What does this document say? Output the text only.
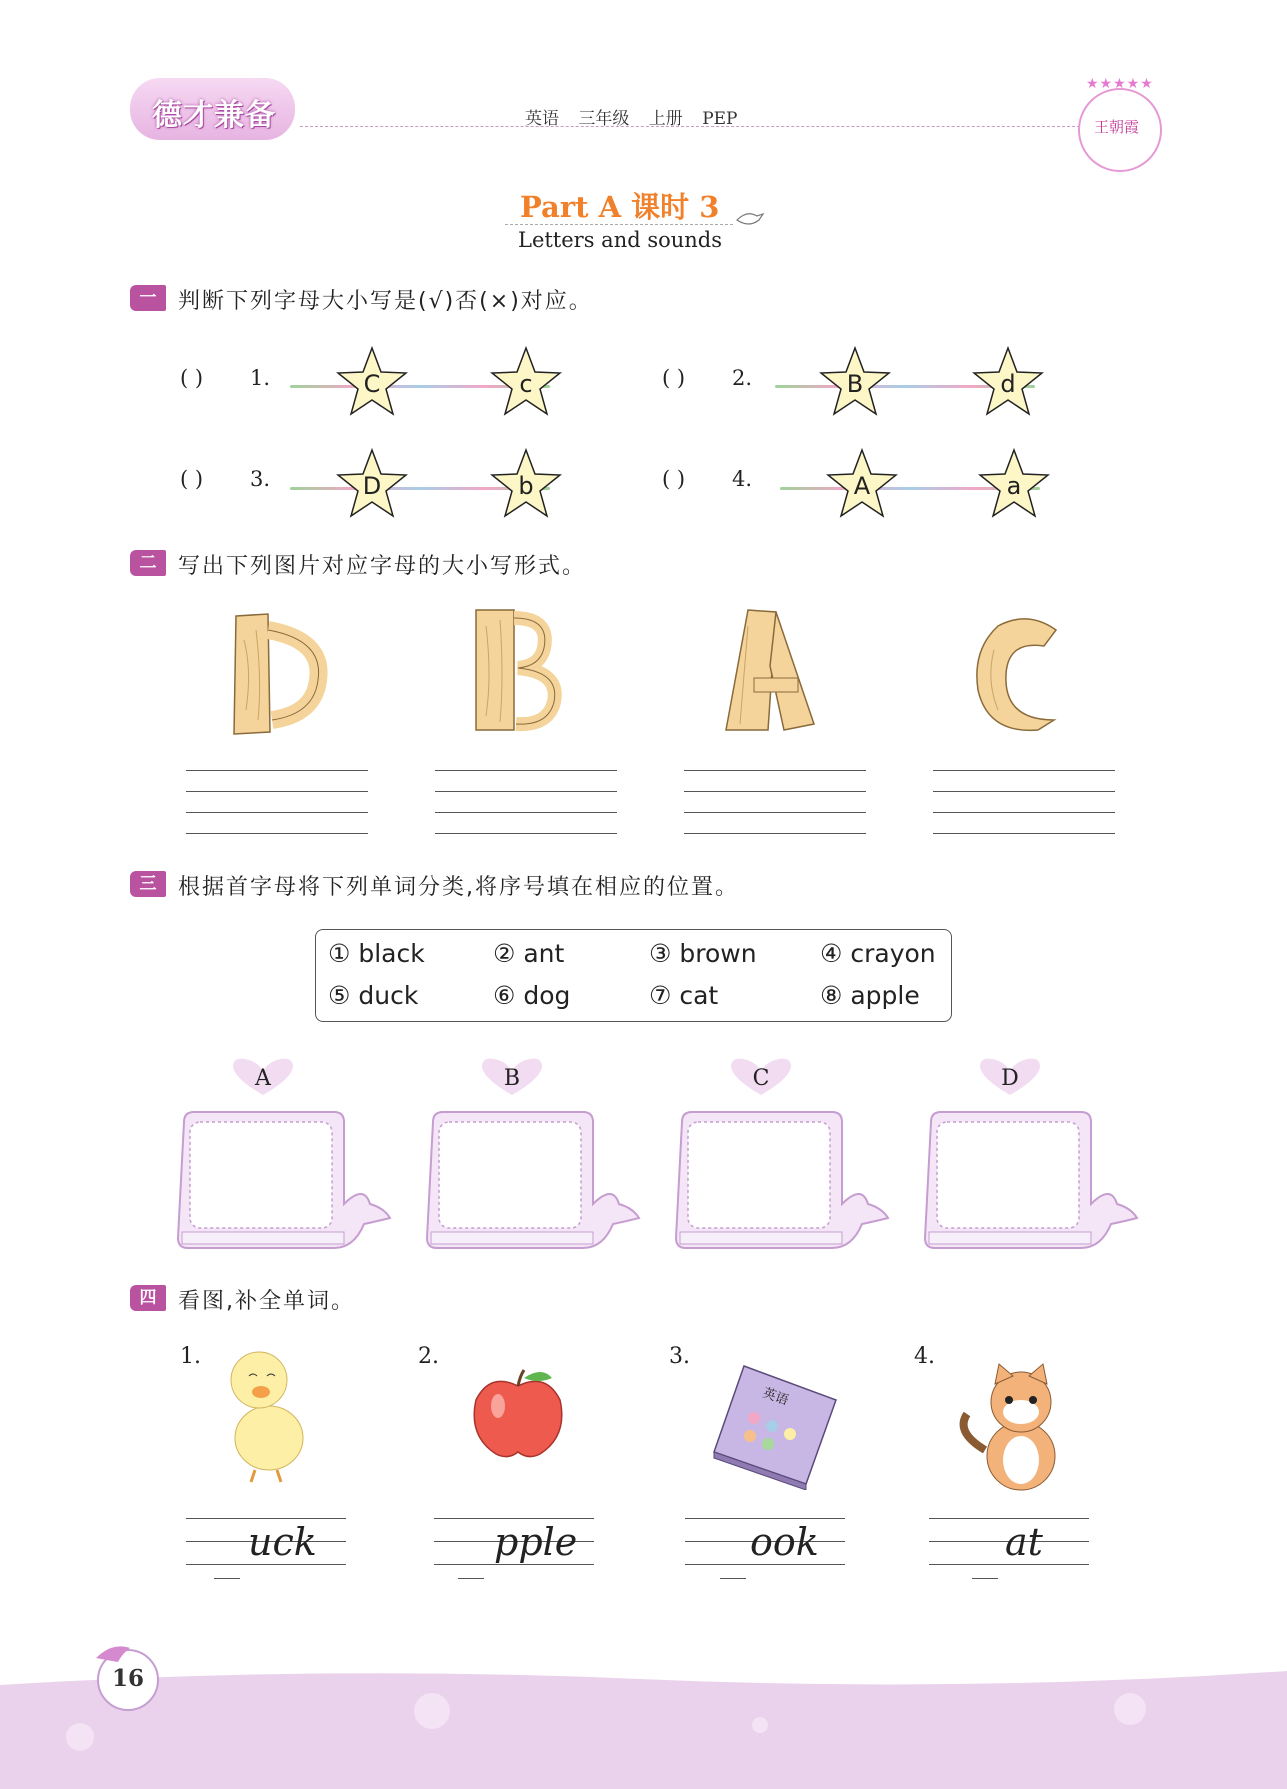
德才兼备	英语 三年级 上册 PEP
★★★★★
王朝霞
Part A 课时 3
Letters and sounds
一 判断下列字母大小写是(√)否(×)对应。
( ) 1.	C	c	( ) 2.	B	d
( ) 3.	D	b	( ) 4.	A	a
二 写出下列图片对应字母的大小写形式。
三 根据首字母将下列单词分类,将序号填在相应的位置。
① black	② ant	③ brown	④ crayon
⑤ duck	⑥ dog	⑦ cat	⑧ apple
A	B	C	D
四 看图,补全单词。
1.
uck
2.
pple
3.
英语
ook
4.
at
16
